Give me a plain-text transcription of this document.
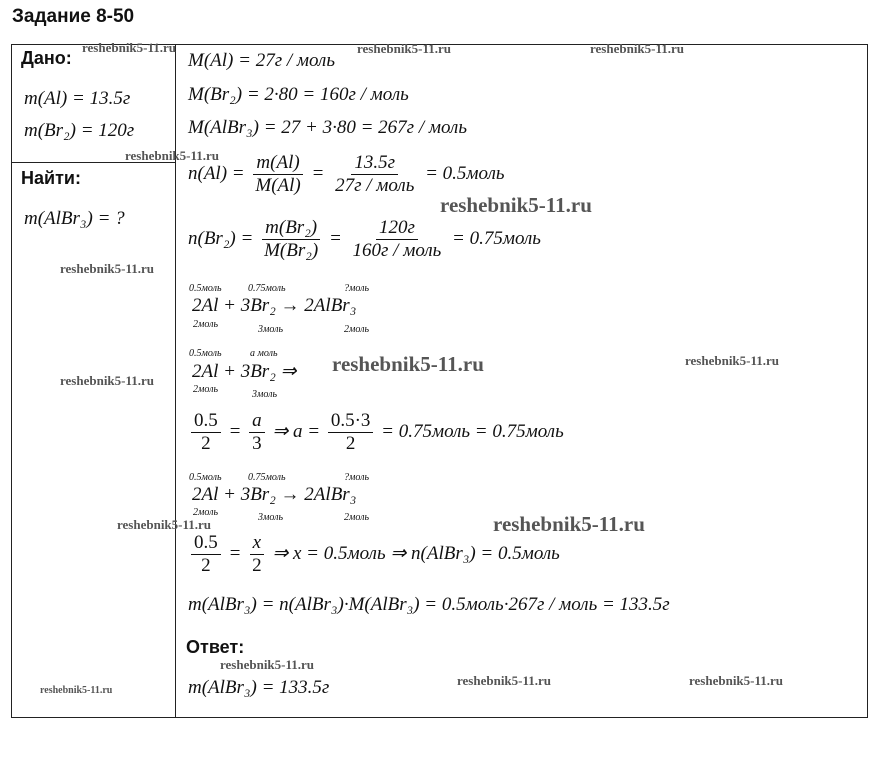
Задание 8-50
Дано:
m(Al) = 13.5г
m(Br₂) = 120г
Найти:
m(AlBr₃) = ?
M(Al) = 27г / моль
M(Br₂) = 2·80 = 160г / моль
M(AlBr₃) = 27 + 3·80 = 267г / моль
$n(Al) = \frac{m(Al)}{M(Al)} = \frac{13.5г}{\text{27г / моль}}$ = 0.5моль
$n(Br_2) = \frac{\text{m(Br₂)}}{\text{M(Br₂)}} = \frac{120г}{\text{160г / моль}}$ = 0.75моль
0.5моль	0.75моль	?моль
2Al + 3Br₂ → 2AlBr₃
2моль	3моль	2моль
0.5моль	a моль
2Al + 3Br₂ ⇒
2моль	3моль
$\frac{0.5}{2} = \frac{a}{3}$ ⇒ $a = \frac{0.5\cdot 3}{2}$ = 0.75моль = 0.75моль
0.5моль	0.75моль	?моль
2Al + 3Br₂ → 2AlBr₃
2моль	3моль	2моль
$\frac{0.5}{2} = \frac{x}{2}$ ⇒ x = 0.5моль ⇒ n(AlBr₃) = 0.5моль
m(AlBr₃) = n(AlBr₃)·M(AlBr₃) = 0.5моль·267г / моль = 133.5г
Ответ:
m(AlBr₃) = 133.5г
reshebnik5-11.ru	reshebnik5-11.ru	reshebnik5-11.ru
reshebnik5-11.ru
reshebnik5-11.ru
reshebnik5-11.ru
reshebnik5-11.ru	reshebnik5-11.ru
reshebnik5-11.ru
reshebnik5-11.ru	reshebnik5-11.ru
reshebnik5-11.ru
reshebnik5-11.ru	reshebnik5-11.ru
reshebnik5-11.ru
